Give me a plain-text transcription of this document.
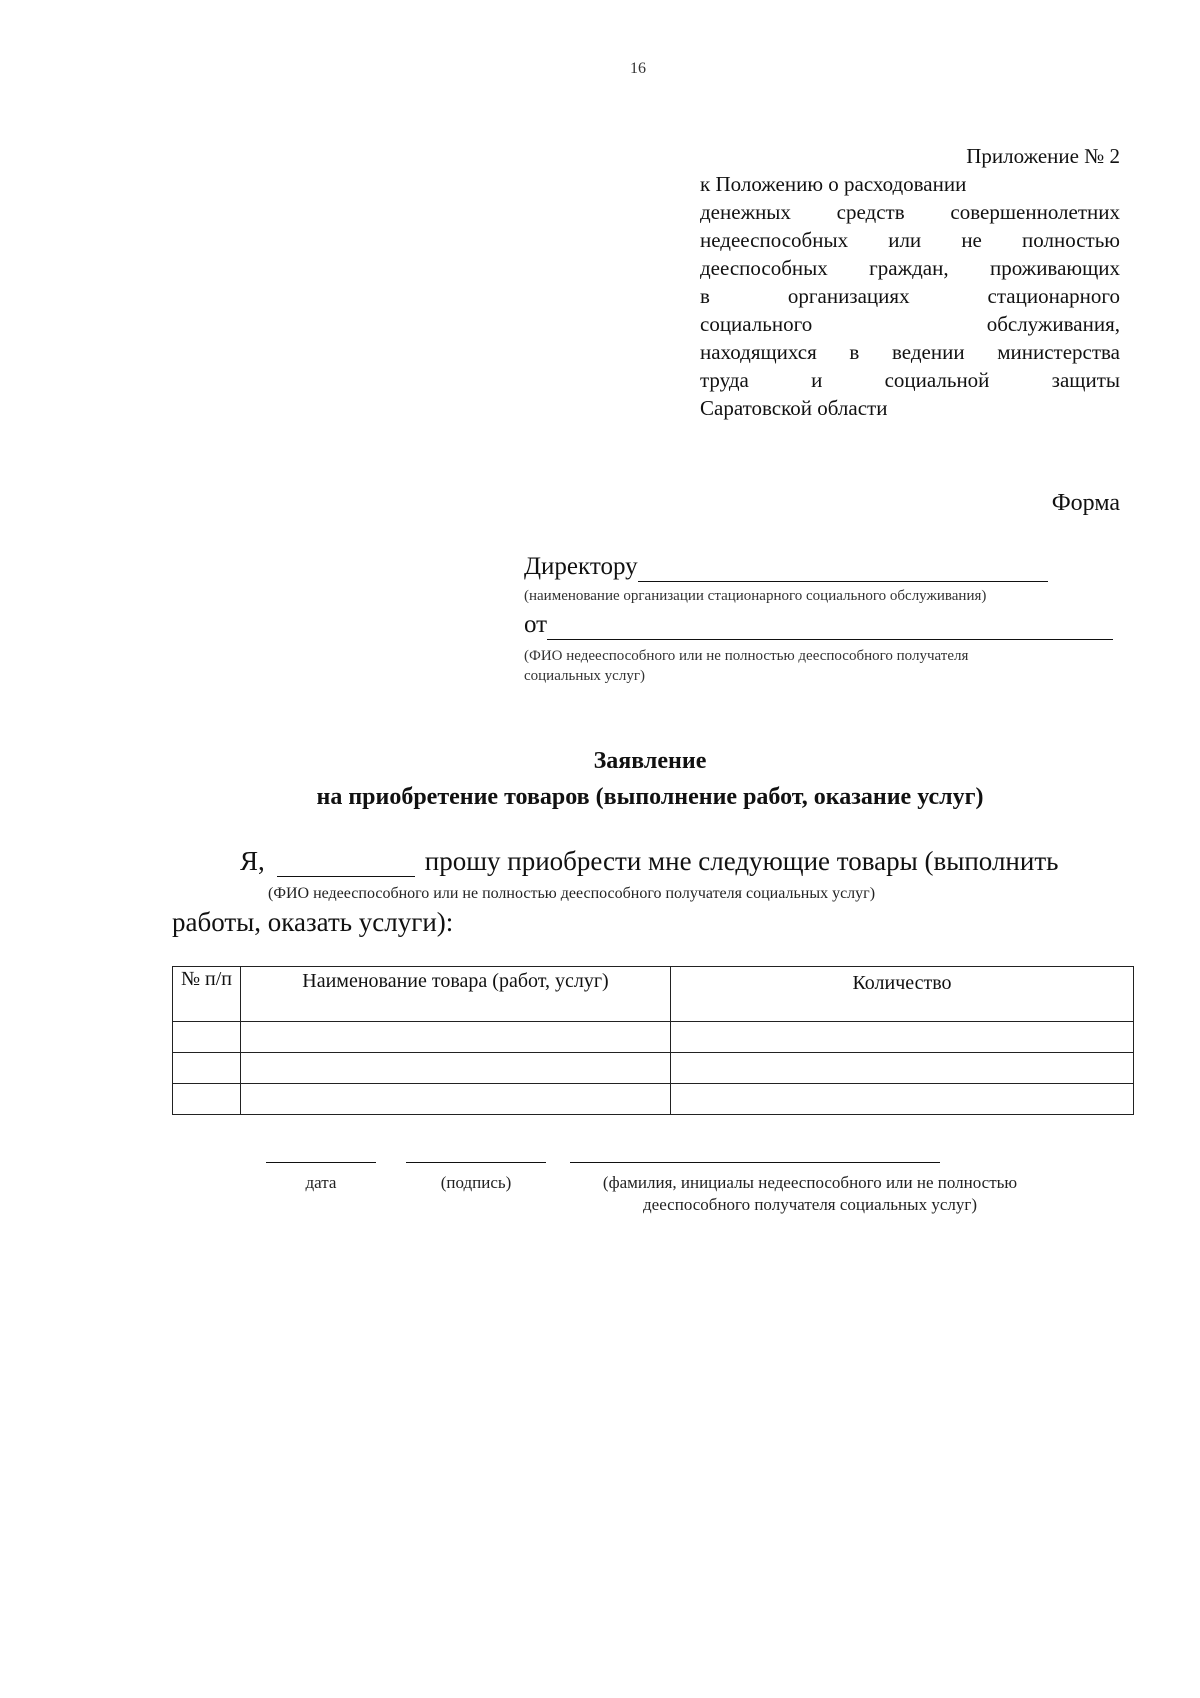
16
Приложение № 2
к Положению о расходовании
денежных средств совершеннолетних
недееспособных или не полностью
дееспособных граждан, проживающих
в организациях стационарного
социального обслуживания,
находящихся в ведении министерства
труда и социальной защиты
Саратовской области
Форма
Директору
(наименование организации стационарного социального обслуживания)
от
(ФИО недееспособного или не полностью дееспособного получателя социальных услуг)
Заявление
на приобретение товаров (выполнение работ, оказание услуг)
Я,	прошу приобрести мне следующие товары (выполнить
(ФИО недееспособного или не полностью дееспособного получателя социальных услуг)
работы, оказать услуги):
№ п/п	Наименование товара (работ, услуг)	Количество

дата	(подпись)	(фамилия, инициалы недееспособного или не полностью дееспособного получателя социальных услуг)
